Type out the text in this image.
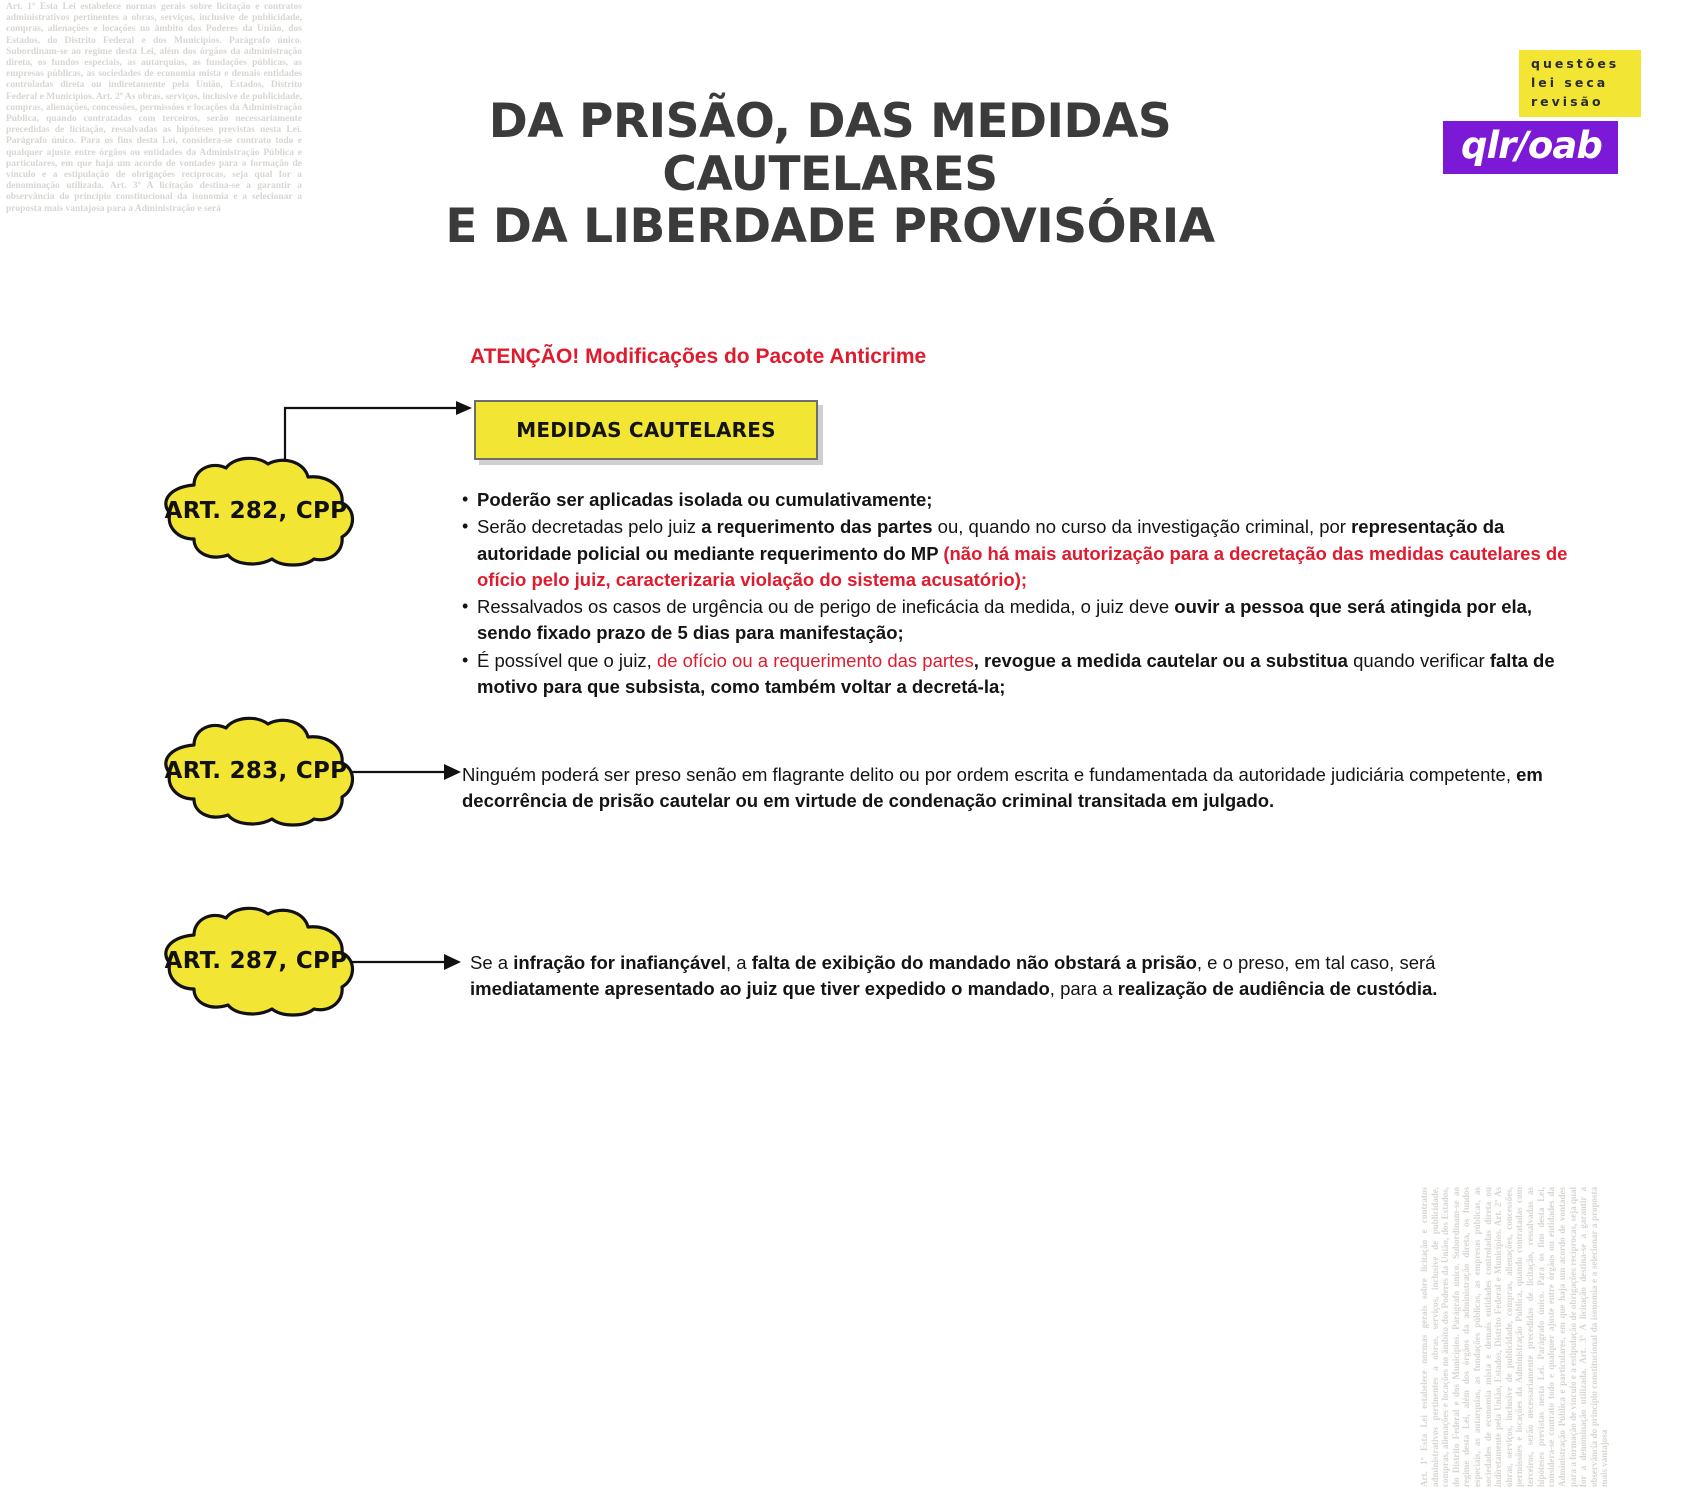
Art. 1º Esta Lei estabelece normas gerais sobre licitação e contratos administrativos pertinentes a obras, serviços, inclusive de publicidade, compras, alienações e locações no âmbito dos Poderes da União, dos Estados, do Distrito Federal e dos Municípios. Parágrafo único. Subordinam-se ao regime desta Lei, além dos órgãos da administração direta, os fundos especiais, as autarquias, as fundações públicas, as empresas públicas, as sociedades de economia mista e demais entidades controladas direta ou indiretamente pela União, Estados, Distrito Federal e Municípios. Art. 2º As obras, serviços, inclusive de publicidade, compras, alienações, concessões, permissões e locações da Administração Pública, quando contratadas com terceiros, serão necessariamente precedidas de licitação, ressalvadas as hipóteses previstas nesta Lei. Parágrafo único. Para os fins desta Lei, considera-se contrato todo e qualquer ajuste entre órgãos ou entidades da Administração Pública e particulares, em que haja um acordo de vontades para a formação de vínculo e a estipulação de obrigações recíprocas, seja qual for a denominação utilizada. Art. 3º A licitação destina-se a garantir a observância do princípio constitucional da isonomia e a selecionar a proposta mais vantajosa para a Administração e será
Art. 1º Esta Lei estabelece normas gerais sobre licitação e contratos administrativos pertinentes a obras, serviços, inclusive de publicidade, compras, alienações e locações no âmbito dos Poderes da União, dos Estados, do Distrito Federal e dos Municípios. Parágrafo único. Subordinam-se ao regime desta Lei, além dos órgãos da administração direta, os fundos especiais, as autarquias, as fundações públicas, as empresas públicas, as sociedades de economia mista e demais entidades controladas direta ou indiretamente pela União, Estados, Distrito Federal e Municípios. Art. 2º As obras, serviços, inclusive de publicidade, compras, alienações, concessões, permissões e locações da Administração Pública, quando contratadas com terceiros, serão necessariamente precedidas de licitação, ressalvadas as hipóteses previstas nesta Lei. Parágrafo único. Para os fins desta Lei, considera-se contrato todo e qualquer ajuste entre órgãos ou entidades da Administração Pública e particulares, em que haja um acordo de vontades para a formação de vínculo e a estipulação de obrigações recíprocas, seja qual for a denominação utilizada. Art. 3º A licitação destina-se a garantir a observância do princípio constitucional da isonomia e a selecionar a proposta mais vantajosa
DA PRISÃO, DAS MEDIDAS CAUTELARES
E DA LIBERDADE PROVISÓRIA
questões lei seca revisão
qlr/oab
ATENÇÃO! Modificações do Pacote Anticrime
MEDIDAS CAUTELARES
ART. 282, CPP
ART. 283, CPP
ART. 287, CPP
• Poderão ser aplicadas isolada ou cumulativamente;
• Serão decretadas pelo juiz a requerimento das partes ou, quando no curso da investigação criminal, por representação da autoridade policial ou mediante requerimento do MP (não há mais autorização para a decretação das medidas cautelares de ofício pelo juiz, caracterizaria violação do sistema acusatório);
• Ressalvados os casos de urgência ou de perigo de ineficácia da medida, o juiz deve ouvir a pessoa que será atingida por ela, sendo fixado prazo de 5 dias para manifestação;
• É possível que o juiz, de ofício ou a requerimento das partes, revogue a medida cautelar ou a substitua quando verificar falta de motivo para que subsista, como também voltar a decretá-la;
Ninguém poderá ser preso senão em flagrante delito ou por ordem escrita e fundamentada da autoridade judiciária competente, em decorrência de prisão cautelar ou em virtude de condenação criminal transitada em julgado.
Se a infração for inafiançável, a falta de exibição do mandado não obstará a prisão, e o preso, em tal caso, será imediatamente apresentado ao juiz que tiver expedido o mandado, para a realização de audiência de custódia.
